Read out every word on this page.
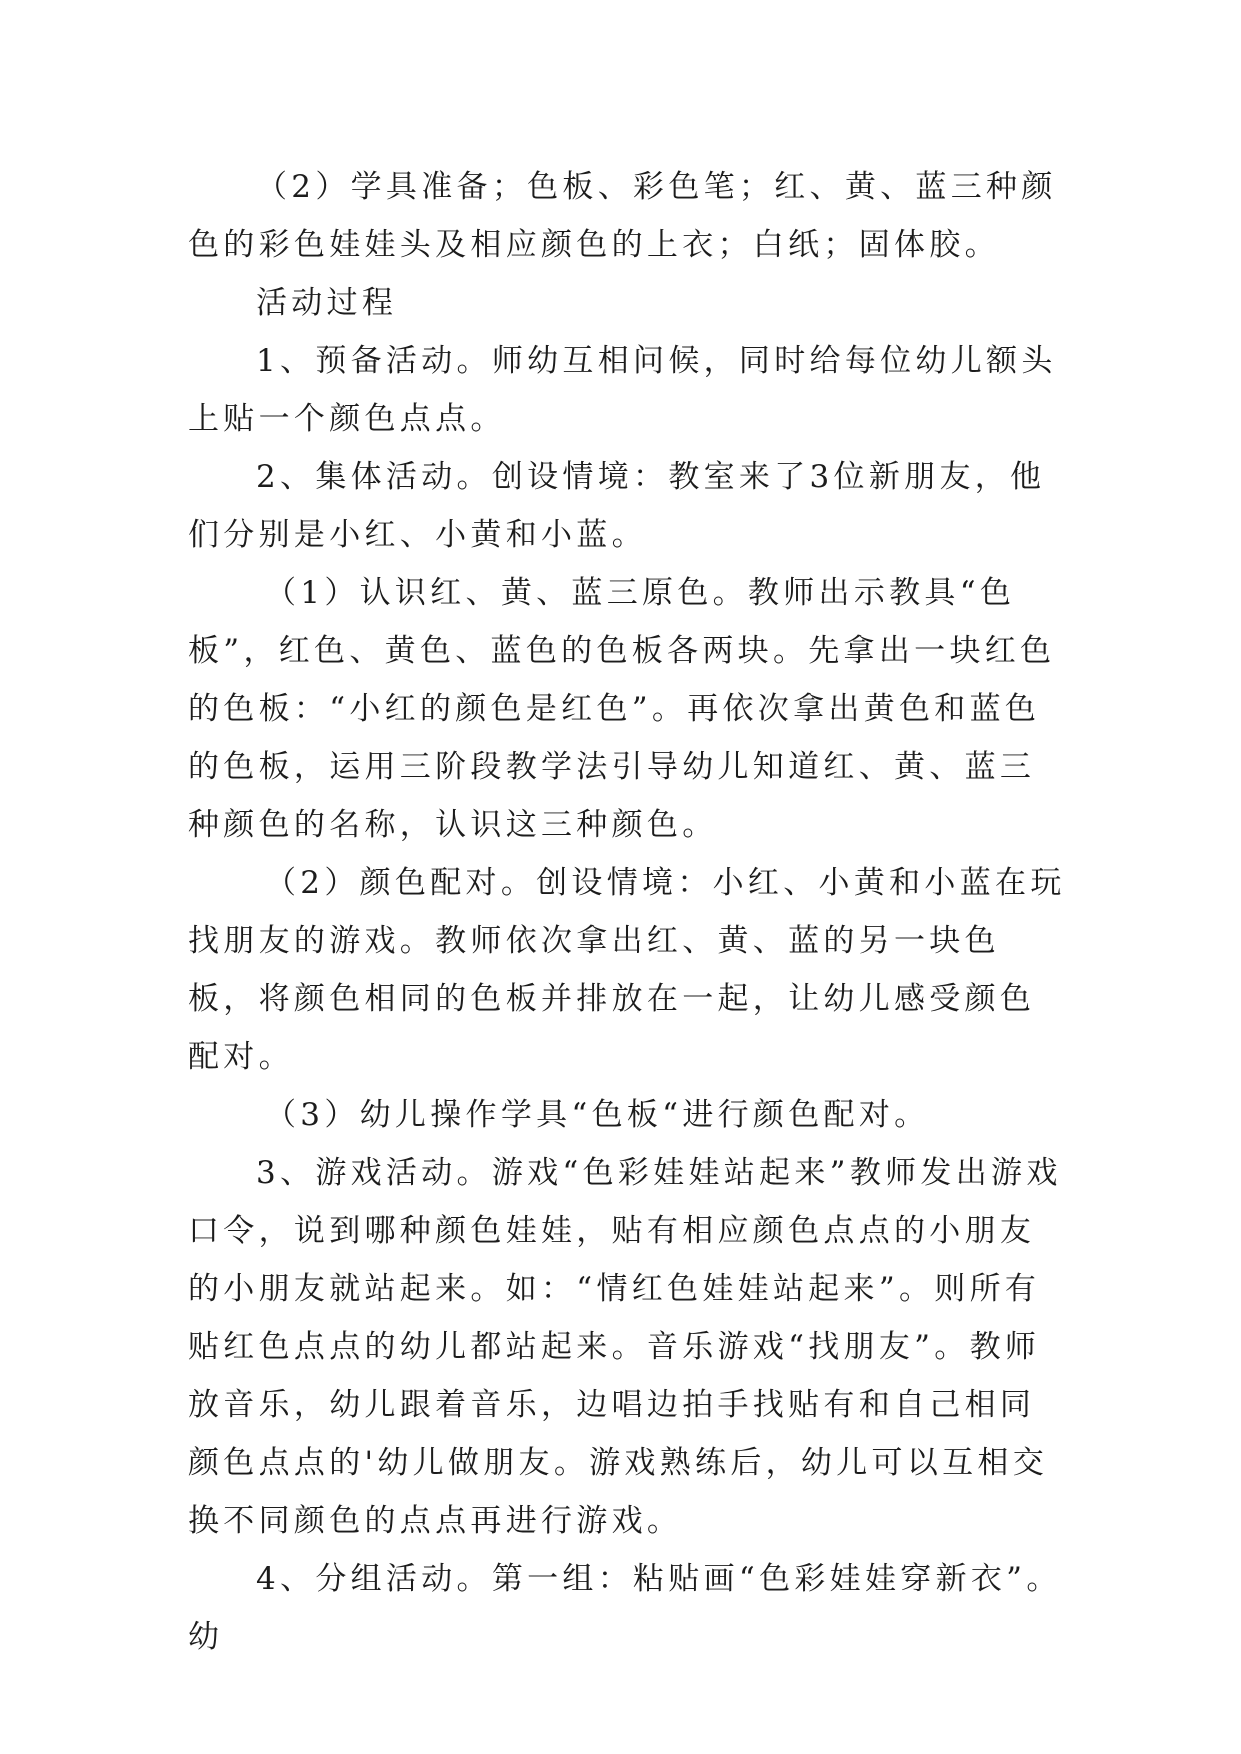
（2）学具准备；色板、彩色笔；红、黄、蓝三种颜色的彩色娃娃头及相应颜色的上衣；白纸；固体胶。

活动过程

1、预备活动。师幼互相问候，同时给每位幼儿额头上贴一个颜色点点。

2、集体活动。创设情境：教室来了3位新朋友，他们分别是小红、小黄和小蓝。

（1）认识红、黄、蓝三原色。教师出示教具“色板”，红色、黄色、蓝色的色板各两块。先拿出一块红色的色板：“小红的颜色是红色”。再依次拿出黄色和蓝色的色板，运用三阶段教学法引导幼儿知道红、黄、蓝三种颜色的名称，认识这三种颜色。

（2）颜色配对。创设情境：小红、小黄和小蓝在玩找朋友的游戏。教师依次拿出红、黄、蓝的另一块色板，将颜色相同的色板并排放在一起，让幼儿感受颜色配对。

（3）幼儿操作学具“色板“进行颜色配对。

3、游戏活动。游戏“色彩娃娃站起来”教师发出游戏口令，说到哪种颜色娃娃，贴有相应颜色点点的小朋友的小朋友就站起来。如：“情红色娃娃站起来”。则所有贴红色点点的幼儿都站起来。音乐游戏“找朋友”。教师放音乐，幼儿跟着音乐，边唱边拍手找贴有和自己相同颜色点点的'幼儿做朋友。游戏熟练后，幼儿可以互相交换不同颜色的点点再进行游戏。

4、分组活动。第一组：粘贴画“色彩娃娃穿新衣”。幼
